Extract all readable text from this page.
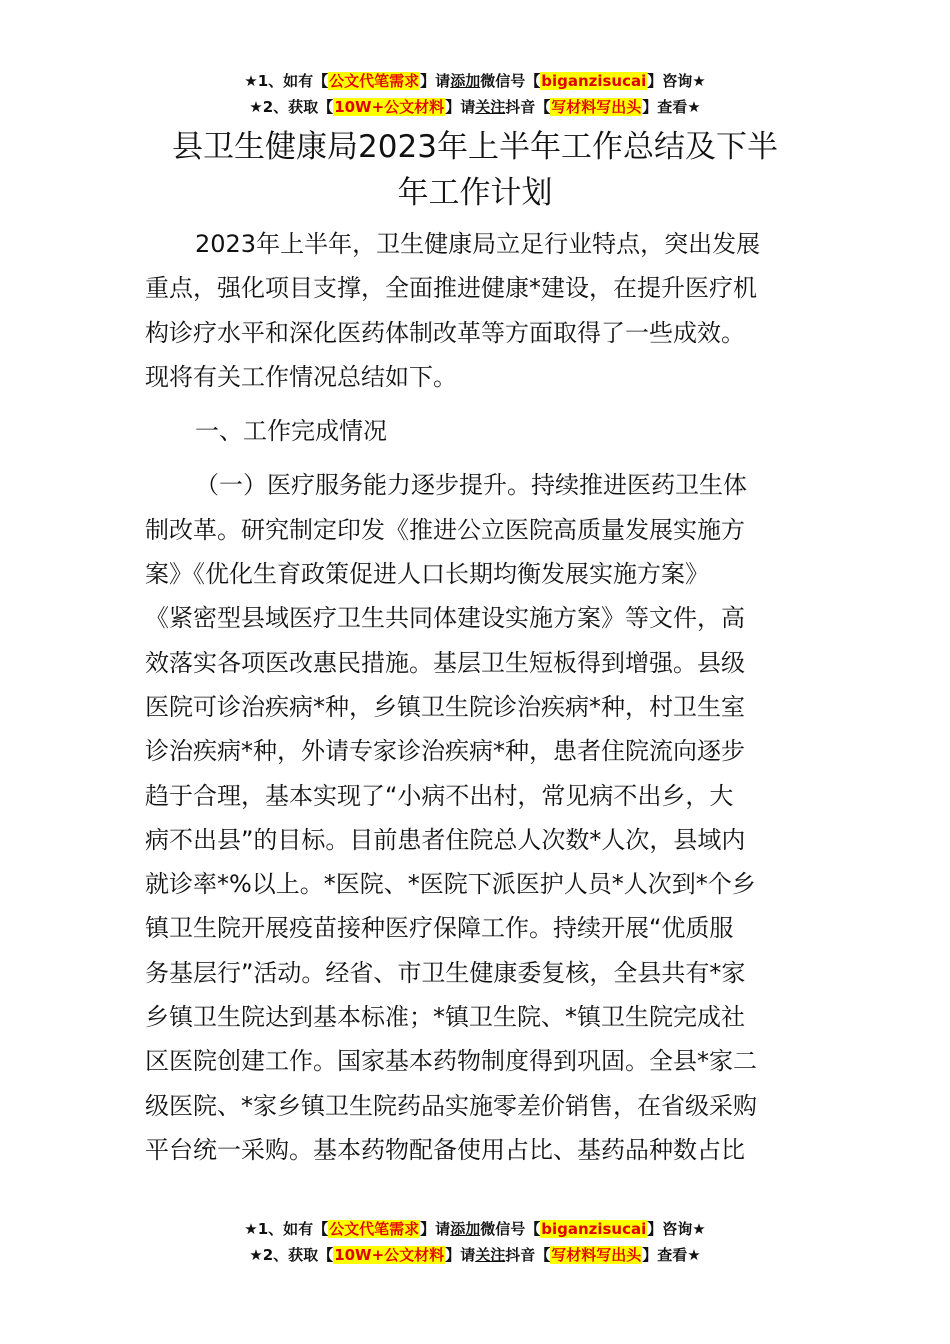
★1、如有【公文代笔需求】请添加微信号【biganzisucai】咨询★
★2、获取【10W+公文材料】请关注抖音【写材料写出头】查看★
县卫生健康局2023年上半年工作总结及下半
年工作计划
2023年上半年，卫生健康局立足行业特点，突出发展
重点，强化项目支撑，全面推进健康*建设，在提升医疗机
构诊疗水平和深化医药体制改革等方面取得了一些成效。
现将有关工作情况总结如下。
一、工作完成情况
（一）医疗服务能力逐步提升。持续推进医药卫生体
制改革。研究制定印发《推进公立医院高质量发展实施方
案》《优化生育政策促进人口长期均衡发展实施方案》
《紧密型县域医疗卫生共同体建设实施方案》等文件，高
效落实各项医改惠民措施。基层卫生短板得到增强。县级
医院可诊治疾病*种，乡镇卫生院诊治疾病*种，村卫生室
诊治疾病*种，外请专家诊治疾病*种，患者住院流向逐步
趋于合理，基本实现了“小病不出村，常见病不出乡，大
病不出县”的目标。目前患者住院总人次数*人次，县域内
就诊率*%以上。*医院、*医院下派医护人员*人次到*个乡
镇卫生院开展疫苗接种医疗保障工作。持续开展“优质服
务基层行”活动。经省、市卫生健康委复核，全县共有*家
乡镇卫生院达到基本标准；*镇卫生院、*镇卫生院完成社
区医院创建工作。国家基本药物制度得到巩固。全县*家二
级医院、*家乡镇卫生院药品实施零差价销售，在省级采购
平台统一采购。基本药物配备使用占比、基药品种数占比
★1、如有【公文代笔需求】请添加微信号【biganzisucai】咨询★
★2、获取【10W+公文材料】请关注抖音【写材料写出头】查看★
